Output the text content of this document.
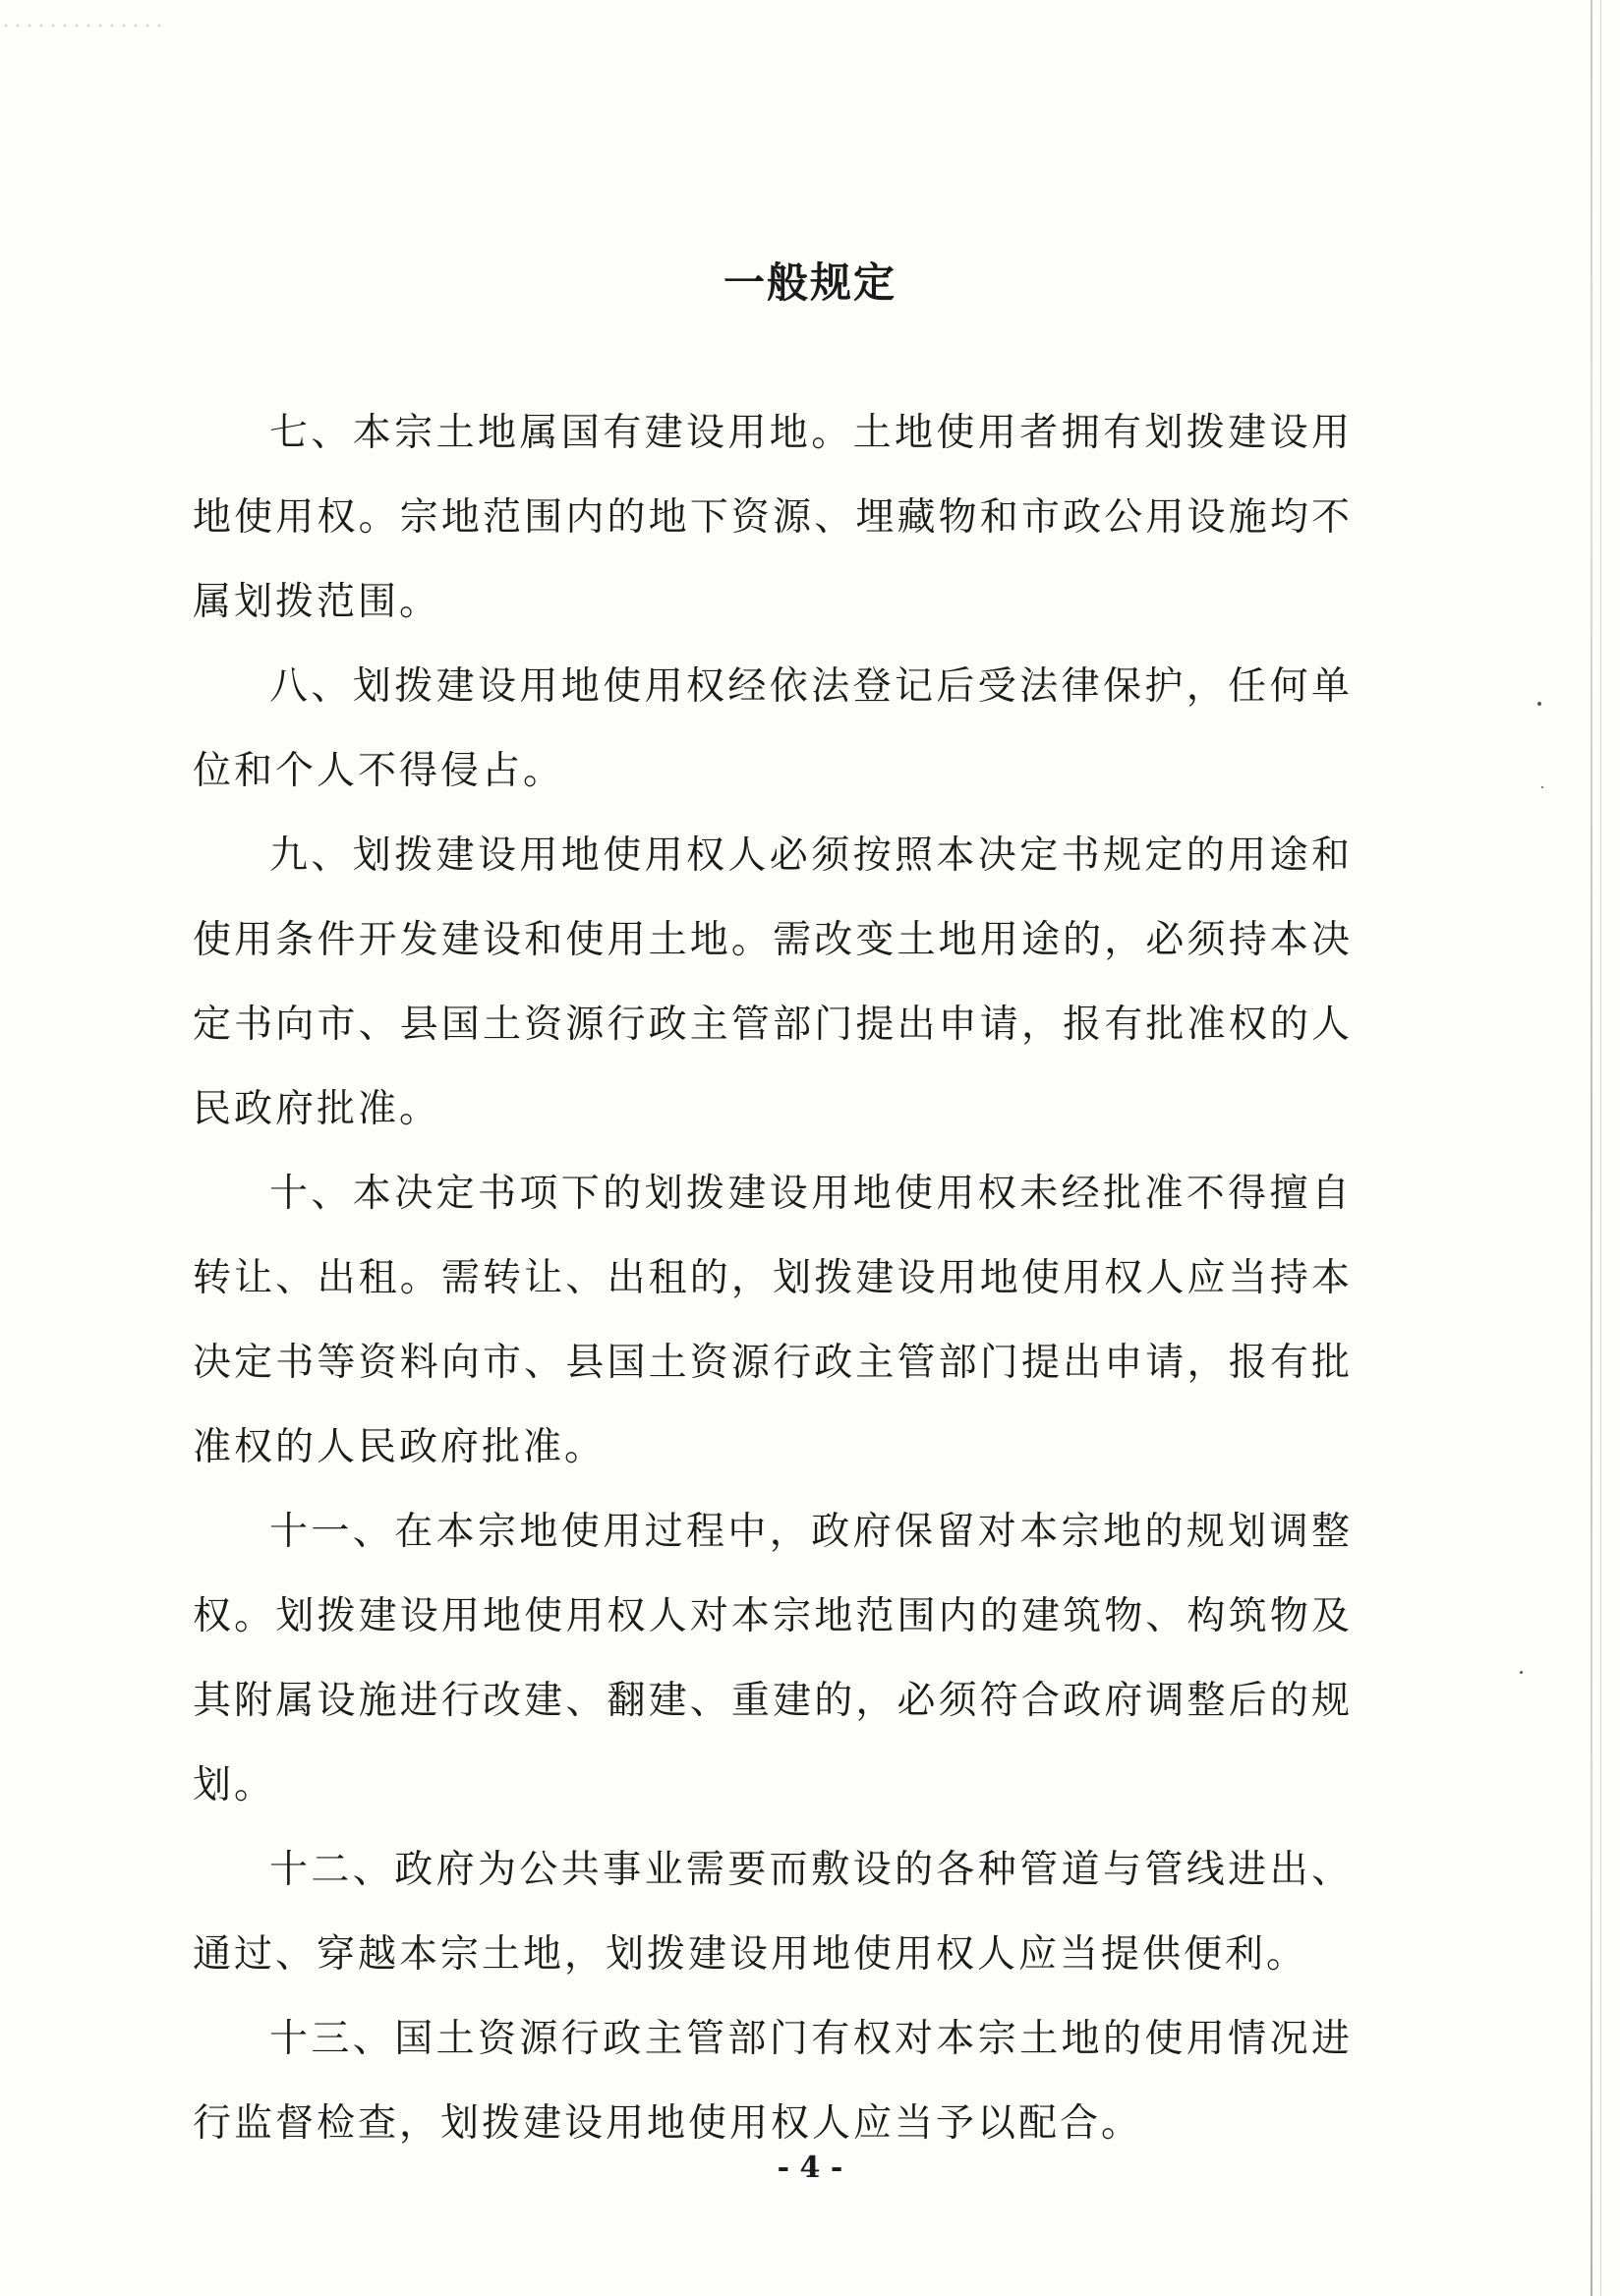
一般规定

七、本宗土地属国有建设用地。土地使用者拥有划拨建设用地使用权。宗地范围内的地下资源、埋藏物和市政公用设施均不属划拨范围。

八、划拨建设用地使用权经依法登记后受法律保护，任何单位和个人不得侵占。

九、划拨建设用地使用权人必须按照本决定书规定的用途和使用条件开发建设和使用土地。需改变土地用途的，必须持本决定书向市、县国土资源行政主管部门提出申请，报有批准权的人民政府批准。

十、本决定书项下的划拨建设用地使用权未经批准不得擅自转让、出租。需转让、出租的，划拨建设用地使用权人应当持本决定书等资料向市、县国土资源行政主管部门提出申请，报有批准权的人民政府批准。

十一、在本宗地使用过程中，政府保留对本宗地的规划调整权。划拨建设用地使用权人对本宗地范围内的建筑物、构筑物及其附属设施进行改建、翻建、重建的，必须符合政府调整后的规划。

十二、政府为公共事业需要而敷设的各种管道与管线进出、通过、穿越本宗土地，划拨建设用地使用权人应当提供便利。

十三、国土资源行政主管部门有权对本宗土地的使用情况进行监督检查，划拨建设用地使用权人应当予以配合。

- 4 -
